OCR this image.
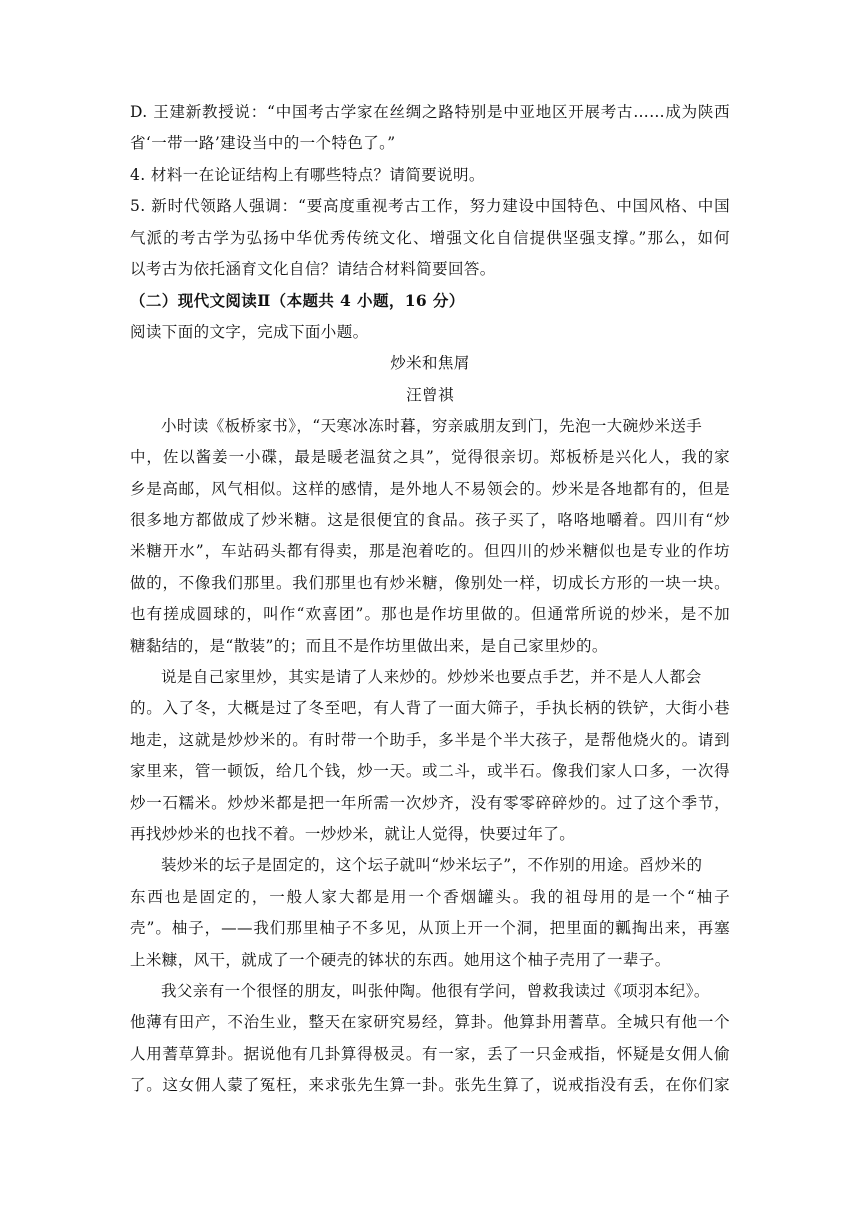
D. 王建新教授说：“中国考古学家在丝绸之路特别是中亚地区开展考古……成为陕西
省‘一带一路’建设当中的一个特色了。”
4. 材料一在论证结构上有哪些特点？请简要说明。
5. 新时代领路人强调：“要高度重视考古工作，努力建设中国特色、中国风格、中国
气派的考古学为弘扬中华优秀传统文化、增强文化自信提供坚强支撑。”那么，如何
以考古为依托涵育文化自信？请结合材料简要回答。
（二）现代文阅读Ⅱ（本题共 4 小题，16 分）
阅读下面的文字，完成下面小题。
炒米和焦屑
汪曾祺
小时读《板桥家书》，“天寒冰冻时暮，穷亲戚朋友到门，先泡一大碗炒米送手
中，佐以酱姜一小碟，最是暖老温贫之具”，觉得很亲切。郑板桥是兴化人，我的家
乡是高邮，风气相似。这样的感情，是外地人不易领会的。炒米是各地都有的，但是
很多地方都做成了炒米糖。这是很便宜的食品。孩子买了，咯咯地嚼着。四川有“炒
米糖开水”，车站码头都有得卖，那是泡着吃的。但四川的炒米糖似也是专业的作坊
做的，不像我们那里。我们那里也有炒米糖，像别处一样，切成长方形的一块一块。
也有搓成圆球的，叫作“欢喜团”。那也是作坊里做的。但通常所说的炒米，是不加
糖黏结的，是“散装”的；而且不是作坊里做出来，是自己家里炒的。
说是自己家里炒，其实是请了人来炒的。炒炒米也要点手艺，并不是人人都会
的。入了冬，大概是过了冬至吧，有人背了一面大筛子，手执长柄的铁铲，大街小巷
地走，这就是炒炒米的。有时带一个助手，多半是个半大孩子，是帮他烧火的。请到
家里来，管一顿饭，给几个钱，炒一天。或二斗，或半石。像我们家人口多，一次得
炒一石糯米。炒炒米都是把一年所需一次炒齐，没有零零碎碎炒的。过了这个季节，
再找炒炒米的也找不着。一炒炒米，就让人觉得，快要过年了。
装炒米的坛子是固定的，这个坛子就叫“炒米坛子”，不作别的用途。舀炒米的
东西也是固定的，一般人家大都是用一个香烟罐头。我的祖母用的是一个“柚子
壳”。柚子，——我们那里柚子不多见，从顶上开一个洞，把里面的瓤掏出来，再塞
上米糠，风干，就成了一个硬壳的钵状的东西。她用这个柚子壳用了一辈子。
我父亲有一个很怪的朋友，叫张仲陶。他很有学问，曾救我读过《项羽本纪》。
他薄有田产，不治生业，整天在家研究易经，算卦。他算卦用蓍草。全城只有他一个
人用蓍草算卦。据说他有几卦算得极灵。有一家，丢了一只金戒指，怀疑是女佣人偷
了。这女佣人蒙了冤枉，来求张先生算一卦。张先生算了，说戒指没有丢，在你们家
